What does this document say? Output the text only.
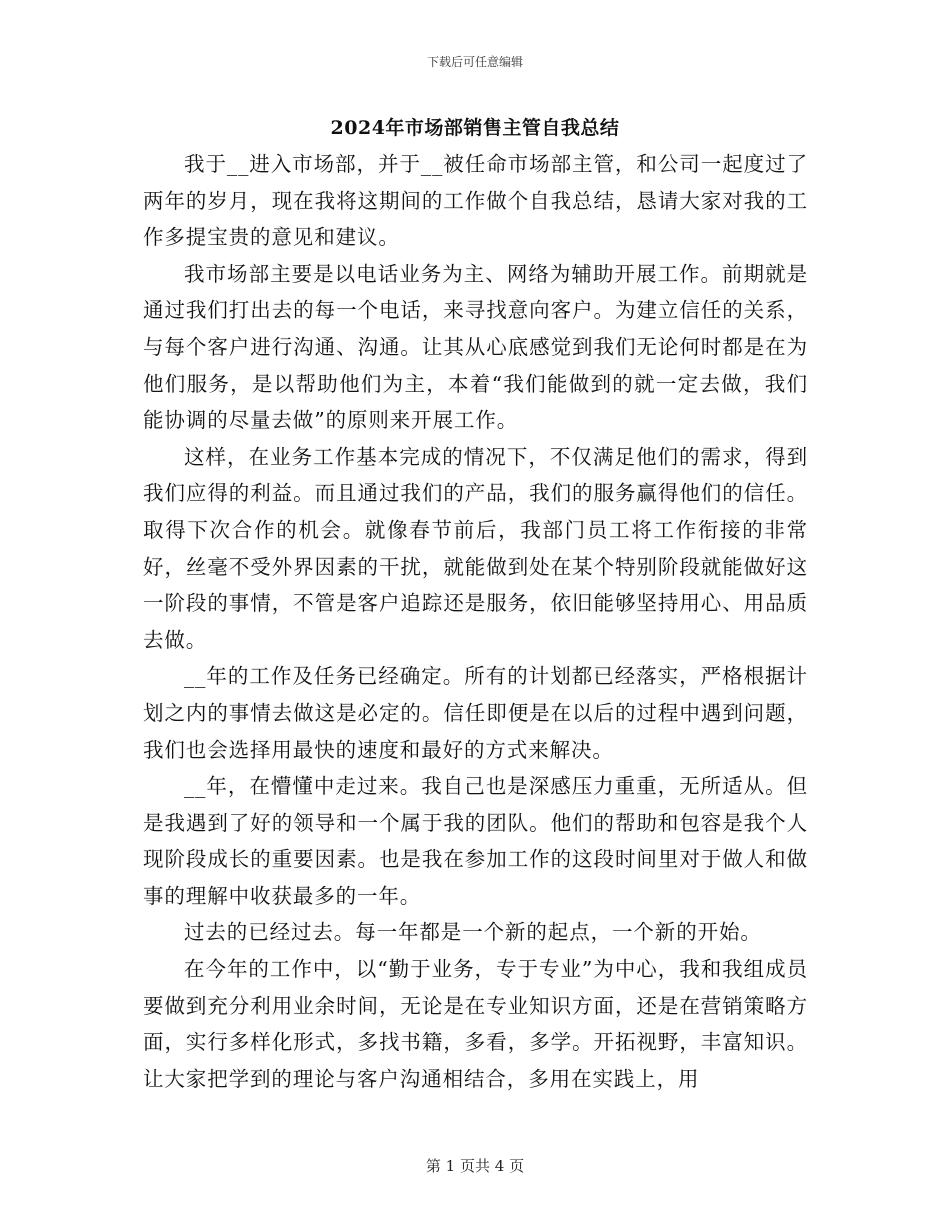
下载后可任意编辑
2024年市场部销售主管自我总结

我于__进入市场部，并于__被任命市场部主管，和公司一起度过了两年的岁月，现在我将这期间的工作做个自我总结，恳请大家对我的工作多提宝贵的意见和建议。

我市场部主要是以电话业务为主、网络为辅助开展工作。前期就是通过我们打出去的每一个电话，来寻找意向客户。为建立信任的关系，与每个客户进行沟通、沟通。让其从心底感觉到我们无论何时都是在为他们服务，是以帮助他们为主，本着“我们能做到的就一定去做，我们能协调的尽量去做”的原则来开展工作。

这样，在业务工作基本完成的情况下，不仅满足他们的需求，得到我们应得的利益。而且通过我们的产品，我们的服务赢得他们的信任。取得下次合作的机会。就像春节前后，我部门员工将工作衔接的非常好，丝毫不受外界因素的干扰，就能做到处在某个特别阶段就能做好这一阶段的事情，不管是客户追踪还是服务，依旧能够坚持用心、用品质去做。

__年的工作及任务已经确定。所有的计划都已经落实，严格根据计划之内的事情去做这是必定的。信任即便是在以后的过程中遇到问题，我们也会选择用最快的速度和最好的方式来解决。

__年，在懵懂中走过来。我自己也是深感压力重重，无所适从。但是我遇到了好的领导和一个属于我的团队。他们的帮助和包容是我个人现阶段成长的重要因素。也是我在参加工作的这段时间里对于做人和做事的理解中收获最多的一年。

过去的已经过去。每一年都是一个新的起点，一个新的开始。

在今年的工作中，以“勤于业务，专于专业”为中心，我和我组成员要做到充分利用业余时间，无论是在专业知识方面，还是在营销策略方面，实行多样化形式，多找书籍，多看，多学。开拓视野，丰富知识。让大家把学到的理论与客户沟通相结合，多用在实践上，用

第 1 页共 4 页
